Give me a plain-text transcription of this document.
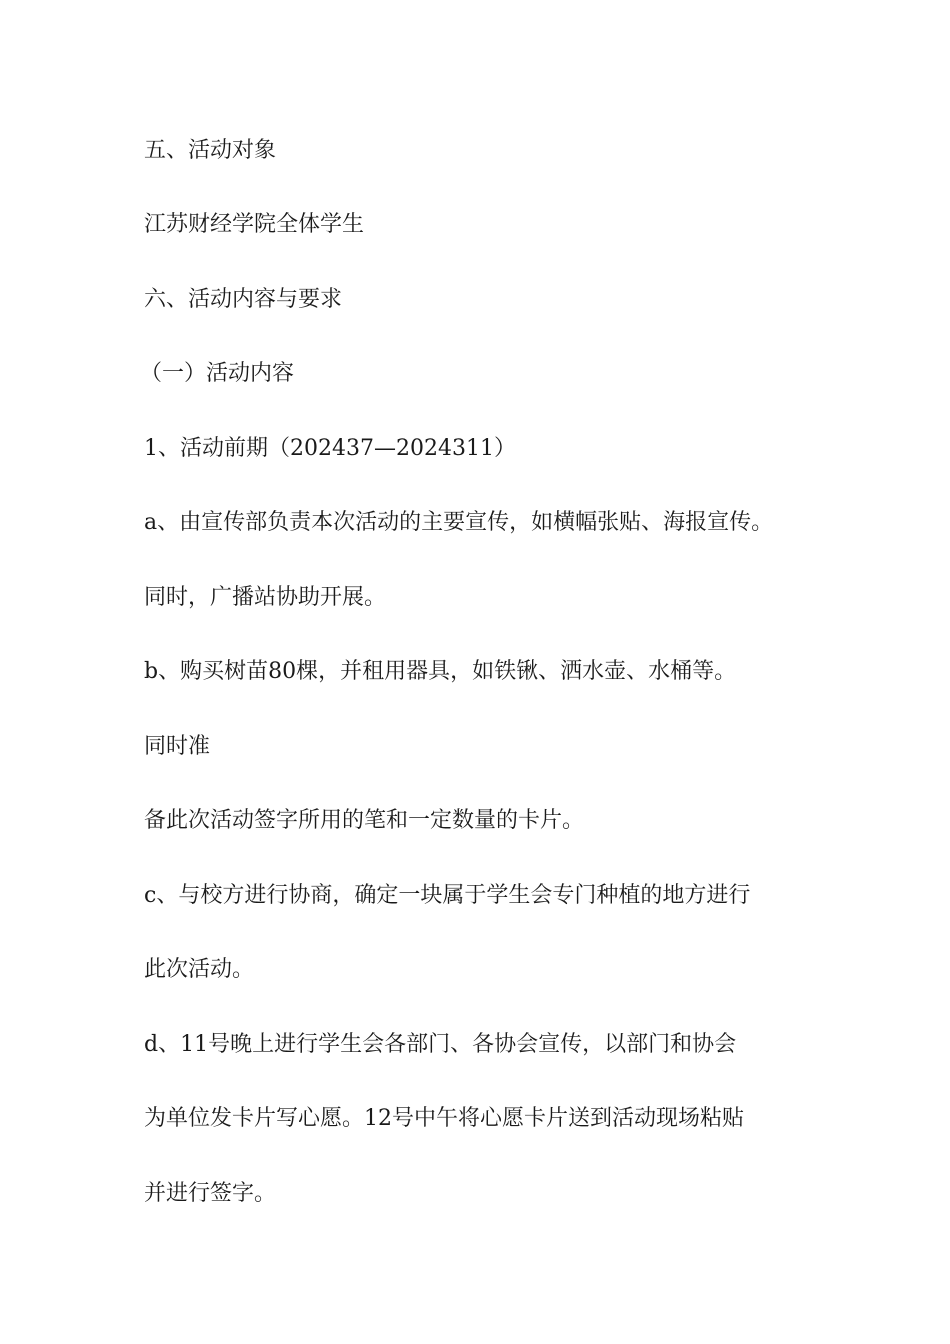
五、活动对象

江苏财经学院全体学生

六、活动内容与要求

（一）活动内容

1、活动前期（202437—2024311）

a、由宣传部负责本次活动的主要宣传，如横幅张贴、海报宣传。

同时，广播站协助开展。

b、购买树苗80棵，并租用器具，如铁锹、洒水壶、水桶等。

同时准

备此次活动签字所用的笔和一定数量的卡片。

c、与校方进行协商，确定一块属于学生会专门种植的地方进行

此次活动。

d、11号晚上进行学生会各部门、各协会宣传，以部门和协会

为单位发卡片写心愿。12号中午将心愿卡片送到活动现场粘贴

并进行签字。
